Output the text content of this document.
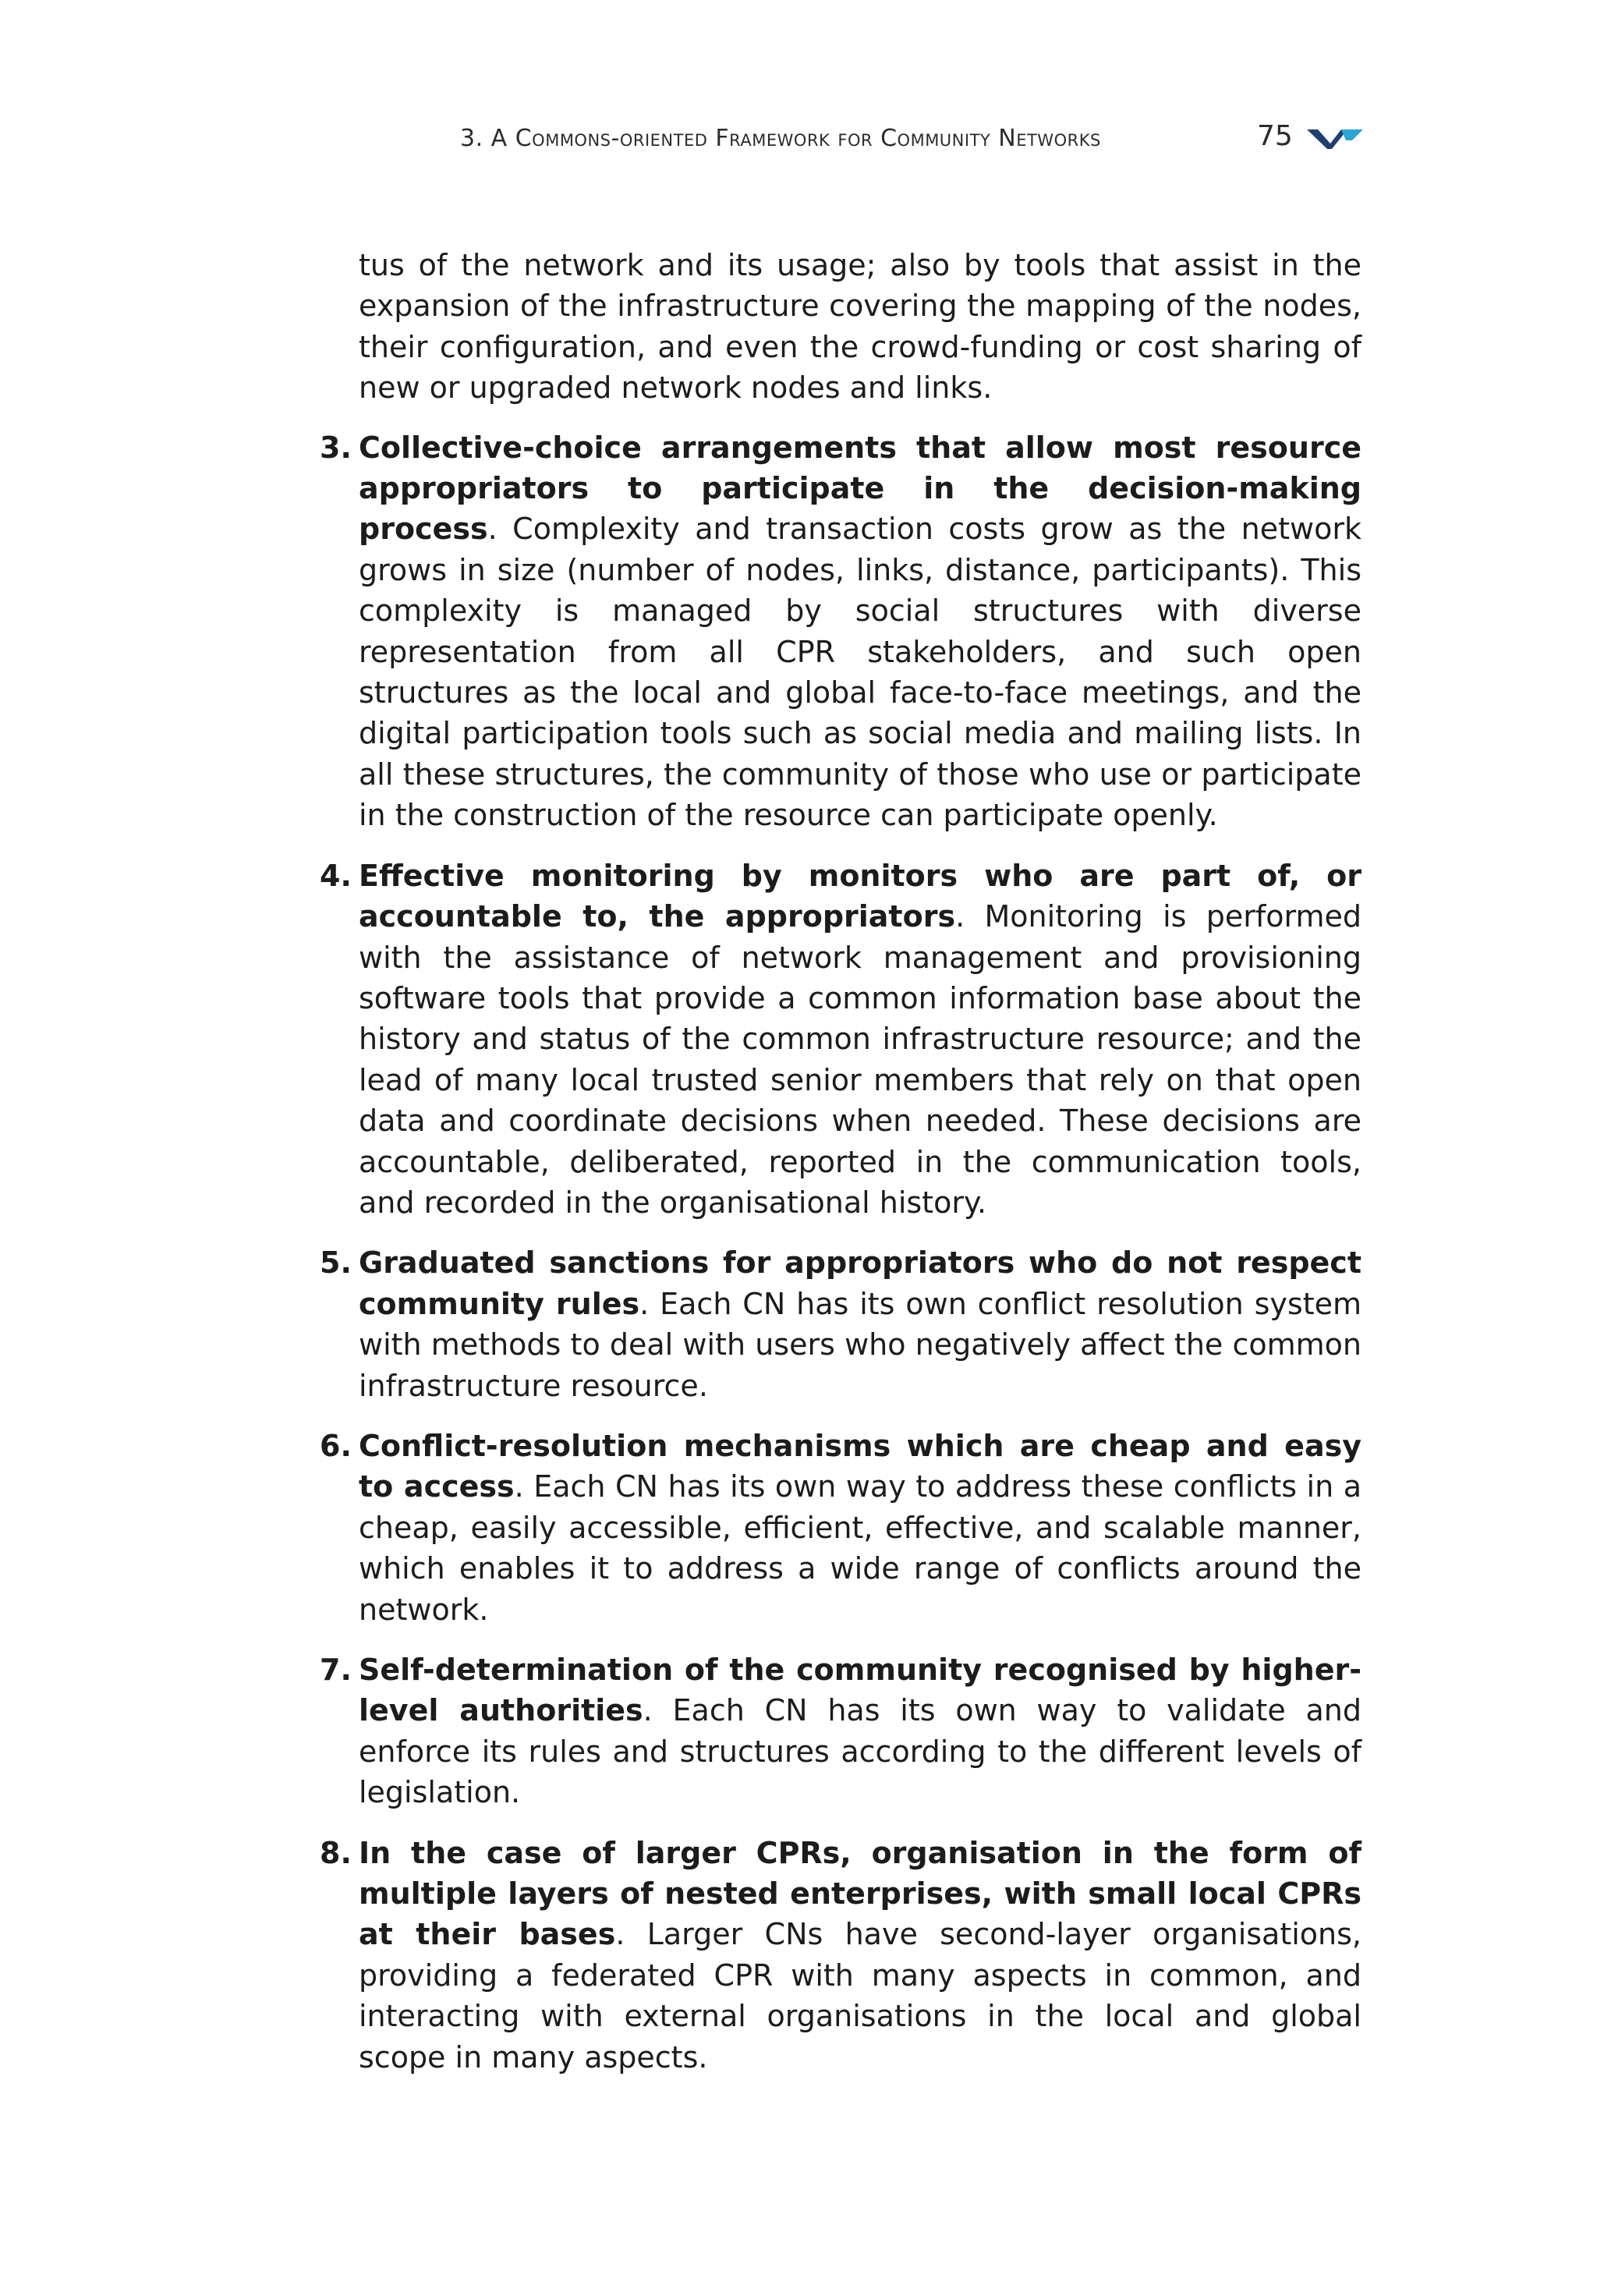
3. A Commons-oriented Framework for Community Networks	75

tus of the network and its usage; also by tools that assist in the expansion of the infrastructure covering the mapping of the nodes, their configuration, and even the crowd-funding or cost sharing of new or upgraded network nodes and links.

3. Collective-choice arrangements that allow most resource appropriators to participate in the decision-making process. Complexity and transaction costs grow as the network grows in size (number of nodes, links, distance, participants). This complexity is managed by social structures with diverse representation from all CPR stakeholders, and such open structures as the local and global face-to-face meetings, and the digital participation tools such as social media and mailing lists. In all these structures, the community of those who use or participate in the construction of the resource can participate openly.

4. Effective monitoring by monitors who are part of, or accountable to, the appropriators. Monitoring is performed with the assistance of network management and provisioning software tools that provide a common information base about the history and status of the common infrastructure resource; and the lead of many local trusted senior members that rely on that open data and coordinate decisions when needed. These decisions are accountable, deliberated, reported in the communication tools, and recorded in the organisational history.

5. Graduated sanctions for appropriators who do not respect community rules. Each CN has its own conflict resolution system with methods to deal with users who negatively affect the common infrastructure resource.

6. Conflict-resolution mechanisms which are cheap and easy to access. Each CN has its own way to address these conflicts in a cheap, easily accessible, efficient, effective, and scalable manner, which enables it to address a wide range of conflicts around the network.

7. Self-determination of the community recognised by higher-level authorities. Each CN has its own way to validate and enforce its rules and structures according to the different levels of legislation.

8. In the case of larger CPRs, organisation in the form of multiple layers of nested enterprises, with small local CPRs at their bases. Larger CNs have second-layer organisations, providing a federated CPR with many aspects in common, and interacting with external organisations in the local and global scope in many aspects.
